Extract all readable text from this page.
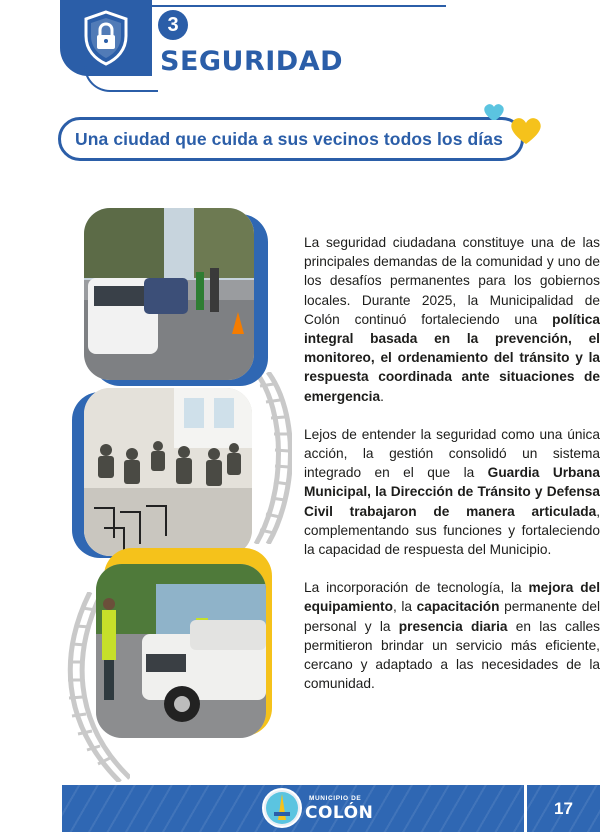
3
SEGURIDAD
Una ciudad que cuida a sus vecinos todos los días

La seguridad ciudadana constituye una de las principales demandas de la comunidad y uno de los desafíos permanentes para los gobiernos locales. Durante 2025, la Municipalidad de Colón continuó fortaleciendo una política integral basada en la prevención, el monitoreo, el ordenamiento del tránsito y la respuesta coordinada ante situaciones de emergencia.

Lejos de entender la seguridad como una única acción, la gestión consolidó un sistema integrado en el que la Guardia Urbana Municipal, la Dirección de Tránsito y Defensa Civil trabajaron de manera articulada, complementando sus funciones y fortaleciendo la capacidad de respuesta del Municipio.

La incorporación de tecnología, la mejora del equipamiento, la capacitación permanente del personal y la presencia diaria en las calles permitieron brindar un servicio más eficiente, cercano y adaptado a las necesidades de la comunidad.

MUNICIPIO DE
COLÓN	17
